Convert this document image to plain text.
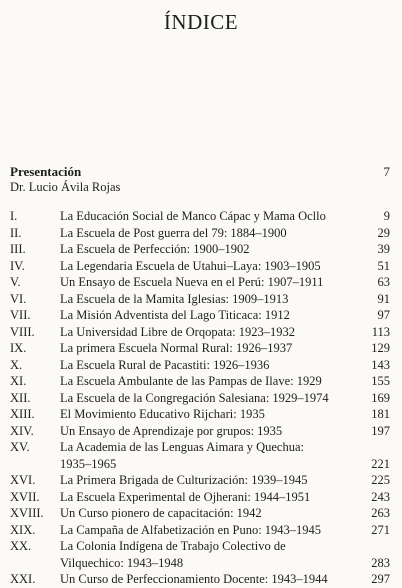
ÍNDICE
Presentación	7
Dr. Lucio Ávila Rojas
I.	La Educación Social de Manco Cápac y Mama Ocllo	9
II.	La Escuela de Post guerra del 79: 1884–1900	29
III.	La Escuela de Perfección: 1900–1902	39
IV.	La Legendaria Escuela de Utahui–Laya: 1903–1905	51
V.	Un Ensayo de Escuela Nueva en el Perú: 1907–1911	63
VI.	La Escuela de la Mamita Iglesias: 1909–1913	91
VII.	La Misión Adventista del Lago Titicaca: 1912	97
VIII.	La Universidad Libre de Orqopata: 1923–1932	113
IX.	La primera Escuela Normal Rural: 1926–1937	129
X.	La Escuela Rural de Pacastiti: 1926–1936	143
XI.	La Escuela Ambulante de las Pampas de Ilave: 1929	155
XII.	La Escuela de la Congregación Salesiana: 1929–1974	169
XIII.	El Movimiento Educativo Rijchari: 1935	181
XIV.	Un Ensayo de Aprendizaje por grupos: 1935	197
XV.	La Academia de las Lenguas Aimara y Quechua:
1935–1965	221
XVI.	La Primera Brigada de Culturización: 1939–1945	225
XVII.	La Escuela Experimental de Ojherani: 1944–1951	243
XVIII.	Un Curso pionero de capacitación: 1942	263
XIX.	La Campaña de Alfabetización en Puno: 1943–1945	271
XX.	La Colonia Indígena de Trabajo Colectivo de
Vilquechico: 1943–1948	283
XXI.	Un Curso de Perfeccionamiento Docente: 1943–1944	297
